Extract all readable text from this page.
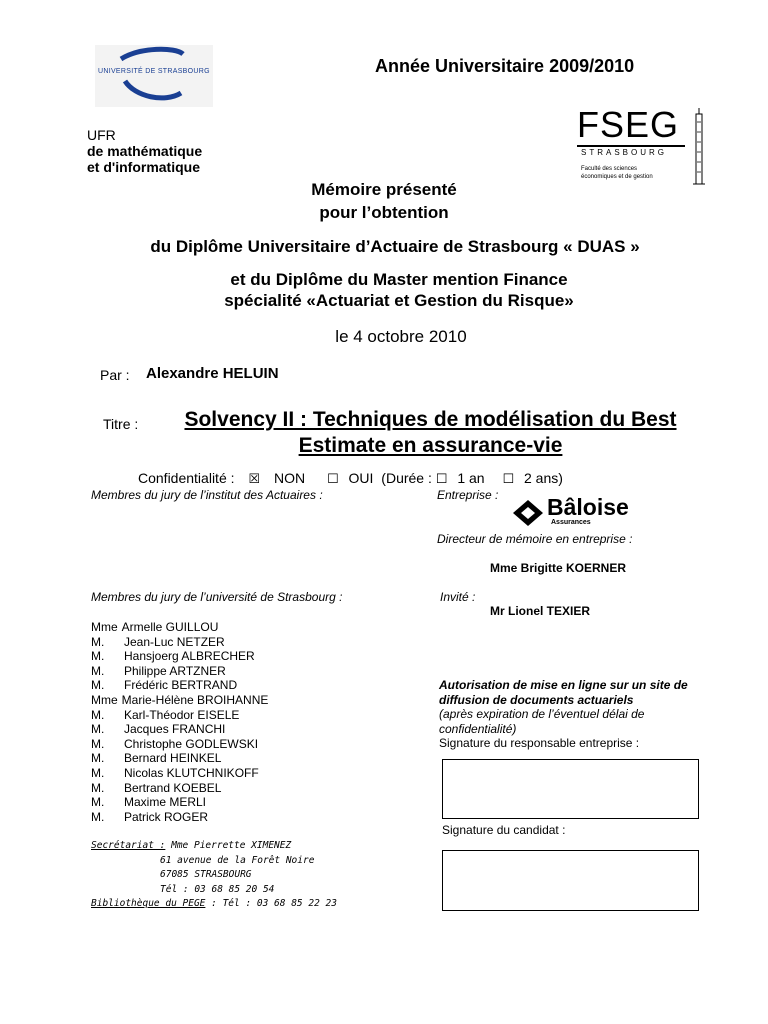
UNIVERSITÉ DE STRASBOURG	Année Universitaire 2009/2010
UFR
de mathématique
et d'informatique
FSEG
STRASBOURG
Faculté des sciences
économiques et de gestion
Mémoire présenté
pour l’obtention
du Diplôme Universitaire d’Actuaire de Strasbourg « DUAS »
et du Diplôme du Master mention Finance
spécialité «Actuariat et Gestion du Risque»
le 4 octobre 2010
Par : Alexandre HELUIN
Titre :	Solvency II : Techniques de modélisation du Best
Estimate en assurance-vie
Confidentialité : ☒ NON ☐ OUI (Durée : ☐ 1 an ☐ 2 ans)
Membres du jury de l’institut des Actuaires :
Membres du jury de l’université de Strasbourg :
Mme Armelle GUILLOU
M. Jean-Luc NETZER
M. Hansjoerg ALBRECHER
M. Philippe ARTZNER
M. Frédéric BERTRAND
Mme Marie-Hélène BROIHANNE
M. Karl-Théodor EISELE
M. Jacques FRANCHI
M. Christophe GODLEWSKI
M. Bernard HEINKEL
M. Nicolas KLUTCHNIKOFF
M. Bertrand KOEBEL
M. Maxime MERLI
M. Patrick ROGER
Secrétariat : Mme Pierrette XIMENEZ
61 avenue de la Forêt Noire
67085 STRASBOURG
Tél : 03 68 85 20 54
Bibliothèque du PEGE : Tél : 03 68 85 22 23
Entreprise : Bâloise
Assurances
Directeur de mémoire en entreprise :
Mme Brigitte KOERNER
Invité :
Mr Lionel TEXIER
Autorisation de mise en ligne sur un site de
diffusion de documents actuariels
(après expiration de l’éventuel délai de
confidentialité)
Signature du responsable entreprise :
Signature du candidat :
